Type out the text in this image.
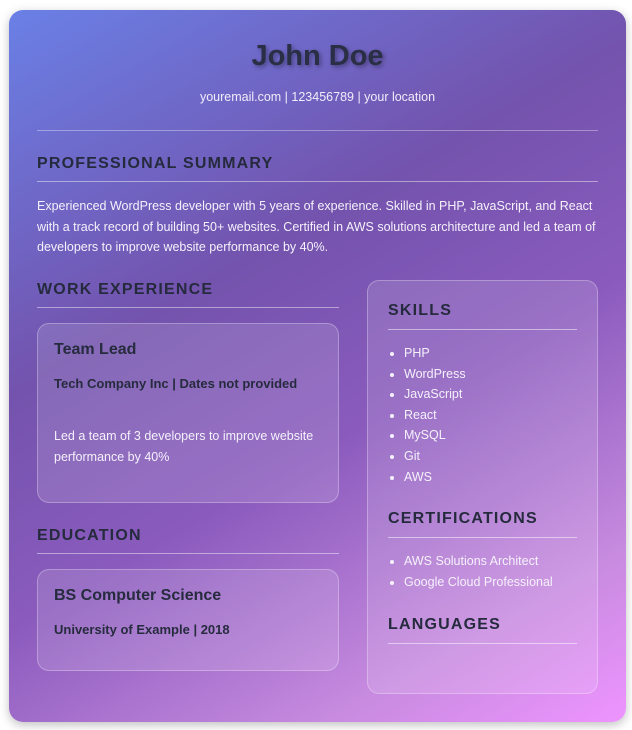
John Doe
youremail.com | 123456789 | your location
PROFESSIONAL SUMMARY

Experienced WordPress developer with 5 years of experience. Skilled in PHP, JavaScript, and React with a track record of building 50+ websites. Certified in AWS solutions architecture and led a team of developers to improve website performance by 40%.

WORK EXPERIENCE
Team Lead

Tech Company Inc | Dates not provided

Led a team of 3 developers to improve website performance by 40%

EDUCATION
BS Computer Science

University of Example | 2018

SKILLS
• PHP
• WordPress
• JavaScript
• React
• MySQL
• Git
• AWS
CERTIFICATIONS
• AWS Solutions Architect
• Google Cloud Professional
LANGUAGES
